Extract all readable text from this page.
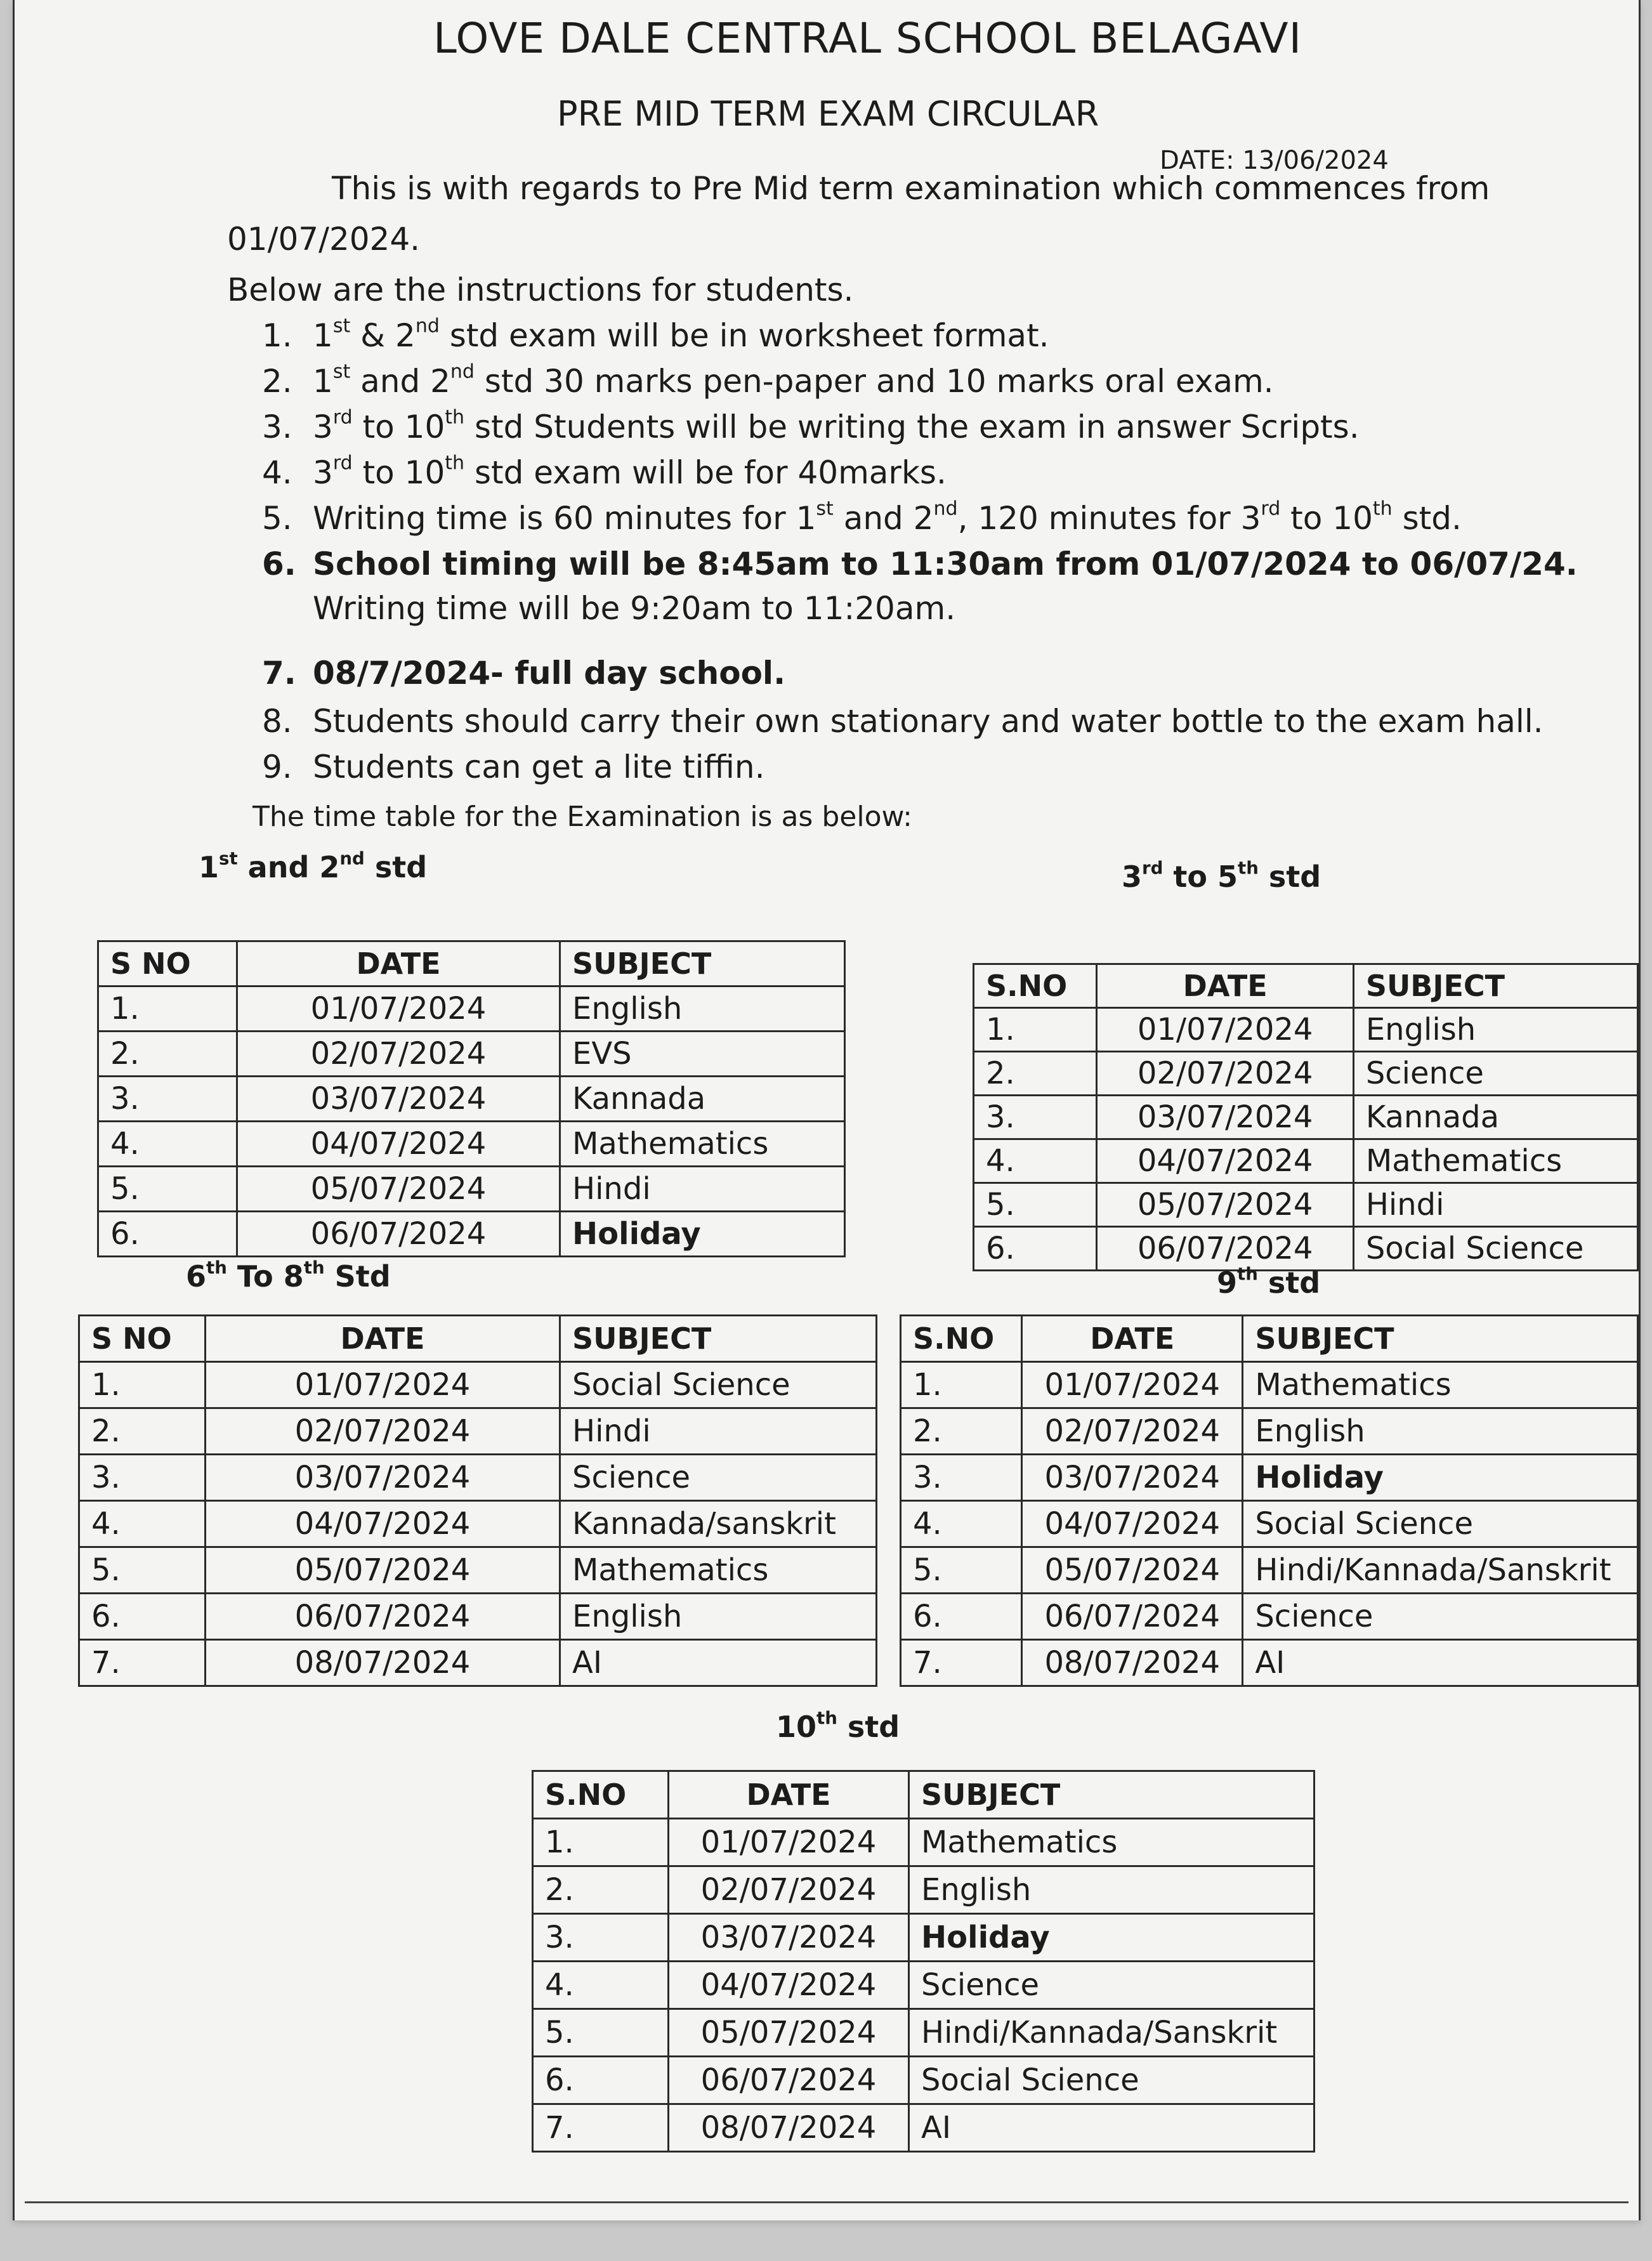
LOVE DALE CENTRAL SCHOOL BELAGAVI
PRE MID TERM EXAM CIRCULAR
DATE: 13/06/2024
This is with regards to Pre Mid term examination which commences from
01/07/2024.
Below are the instructions for students.
1. 1st & 2nd std exam will be in worksheet format.
2. 1st and 2nd std 30 marks pen-paper and 10 marks oral exam.
3. 3rd to 10th std Students will be writing the exam in answer Scripts.
4. 3rd to 10th std exam will be for 40marks.
5. Writing time is 60 minutes for 1st and 2nd, 120 minutes for 3rd to 10th std.
6. School timing will be 8:45am to 11:30am from 01/07/2024 to 06/07/24.
Writing time will be 9:20am to 11:20am.
7. 08/7/2024- full day school.
8. Students should carry their own stationary and water bottle to the exam hall.
9. Students can get a lite tiffin.
The time table for the Examination is as below:
1st and 2nd std
S NO	DATE	SUBJECT
1.	01/07/2024	English
2.	02/07/2024	EVS
3.	03/07/2024	Kannada
4.	04/07/2024	Mathematics
5.	05/07/2024	Hindi
6.	06/07/2024	Holiday
3rd to 5th std
S.NO	DATE	SUBJECT
1.	01/07/2024	English
2.	02/07/2024	Science
3.	03/07/2024	Kannada
4.	04/07/2024	Mathematics
5.	05/07/2024	Hindi
6.	06/07/2024	Social Science
6th To 8th Std
S NO	DATE	SUBJECT
1.	01/07/2024	Social Science
2.	02/07/2024	Hindi
3.	03/07/2024	Science
4.	04/07/2024	Kannada/sanskrit
5.	05/07/2024	Mathematics
6.	06/07/2024	English
7.	08/07/2024	AI
9th std
S.NO	DATE	SUBJECT
1.	01/07/2024	Mathematics
2.	02/07/2024	English
3.	03/07/2024	Holiday
4.	04/07/2024	Social Science
5.	05/07/2024	Hindi/Kannada/Sanskrit
6.	06/07/2024	Science
7.	08/07/2024	AI
10th std
S.NO	DATE	SUBJECT
1.	01/07/2024	Mathematics
2.	02/07/2024	English
3.	03/07/2024	Holiday
4.	04/07/2024	Science
5.	05/07/2024	Hindi/Kannada/Sanskrit
6.	06/07/2024	Social Science
7.	08/07/2024	AI
